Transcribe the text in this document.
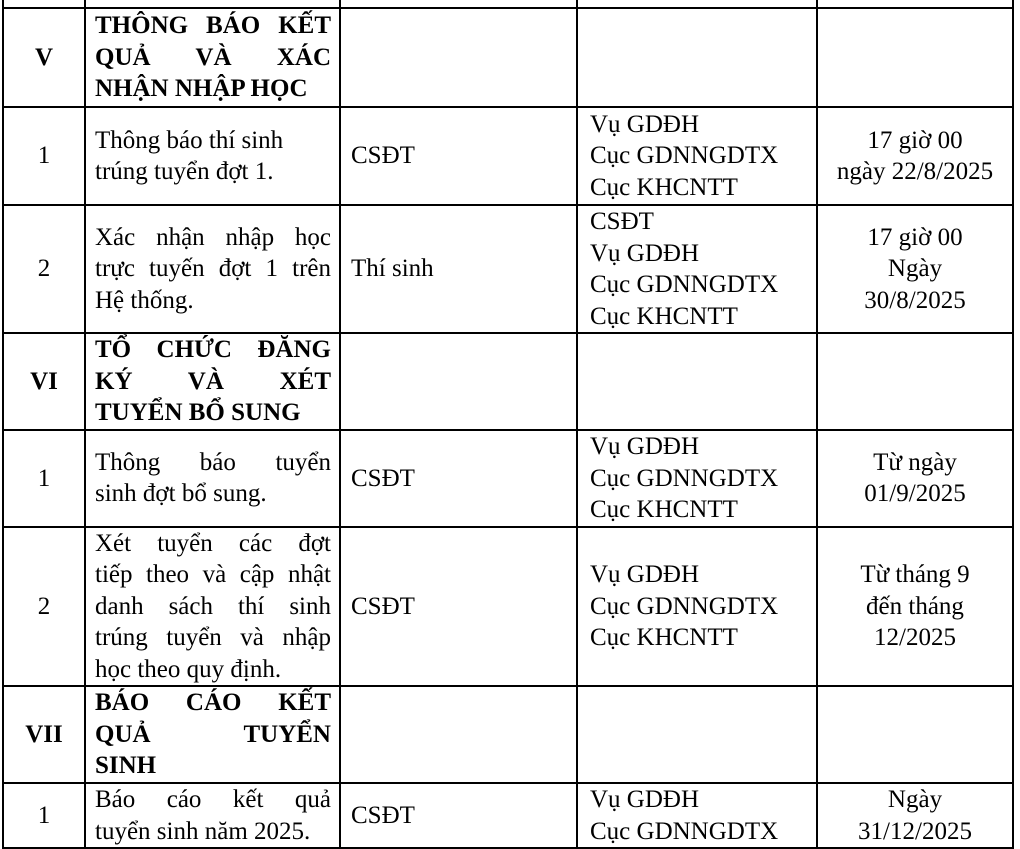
V	THÔNG BÁO KẾT
QUẢ VÀ XÁC
NHẬN NHẬP HỌC			

1	Thông báo thí sinh
trúng tuyển đợt 1.	CSĐT	Vụ GDĐH
Cục GDNNGDTX
Cục KHCNTT	17 giờ 00
ngày 22/8/2025

2	Xác nhận nhập học
trực tuyến đợt 1 trên
Hệ thống.	Thí sinh	CSĐT
Vụ GDĐH
Cục GDNNGDTX
Cục KHCNTT	17 giờ 00
Ngày
30/8/2025

VI	TỔ CHỨC ĐĂNG
KÝ VÀ XÉT
TUYỂN BỔ SUNG			

1	Thông báo tuyển
sinh đợt bổ sung.	CSĐT	Vụ GDĐH
Cục GDNNGDTX
Cục KHCNTT	Từ ngày
01/9/2025

2	Xét tuyển các đợt
tiếp theo và cập nhật
danh sách thí sinh
trúng tuyển và nhập
học theo quy định.	CSĐT	Vụ GDĐH
Cục GDNNGDTX
Cục KHCNTT	Từ tháng 9
đến tháng
12/2025

VII	BÁO CÁO KẾT
QUẢ TUYỂN
SINH			

1	Báo cáo kết quả
tuyển sinh năm 2025.	CSĐT	Vụ GDĐH
Cục GDNNGDTX	Ngày
31/12/2025
